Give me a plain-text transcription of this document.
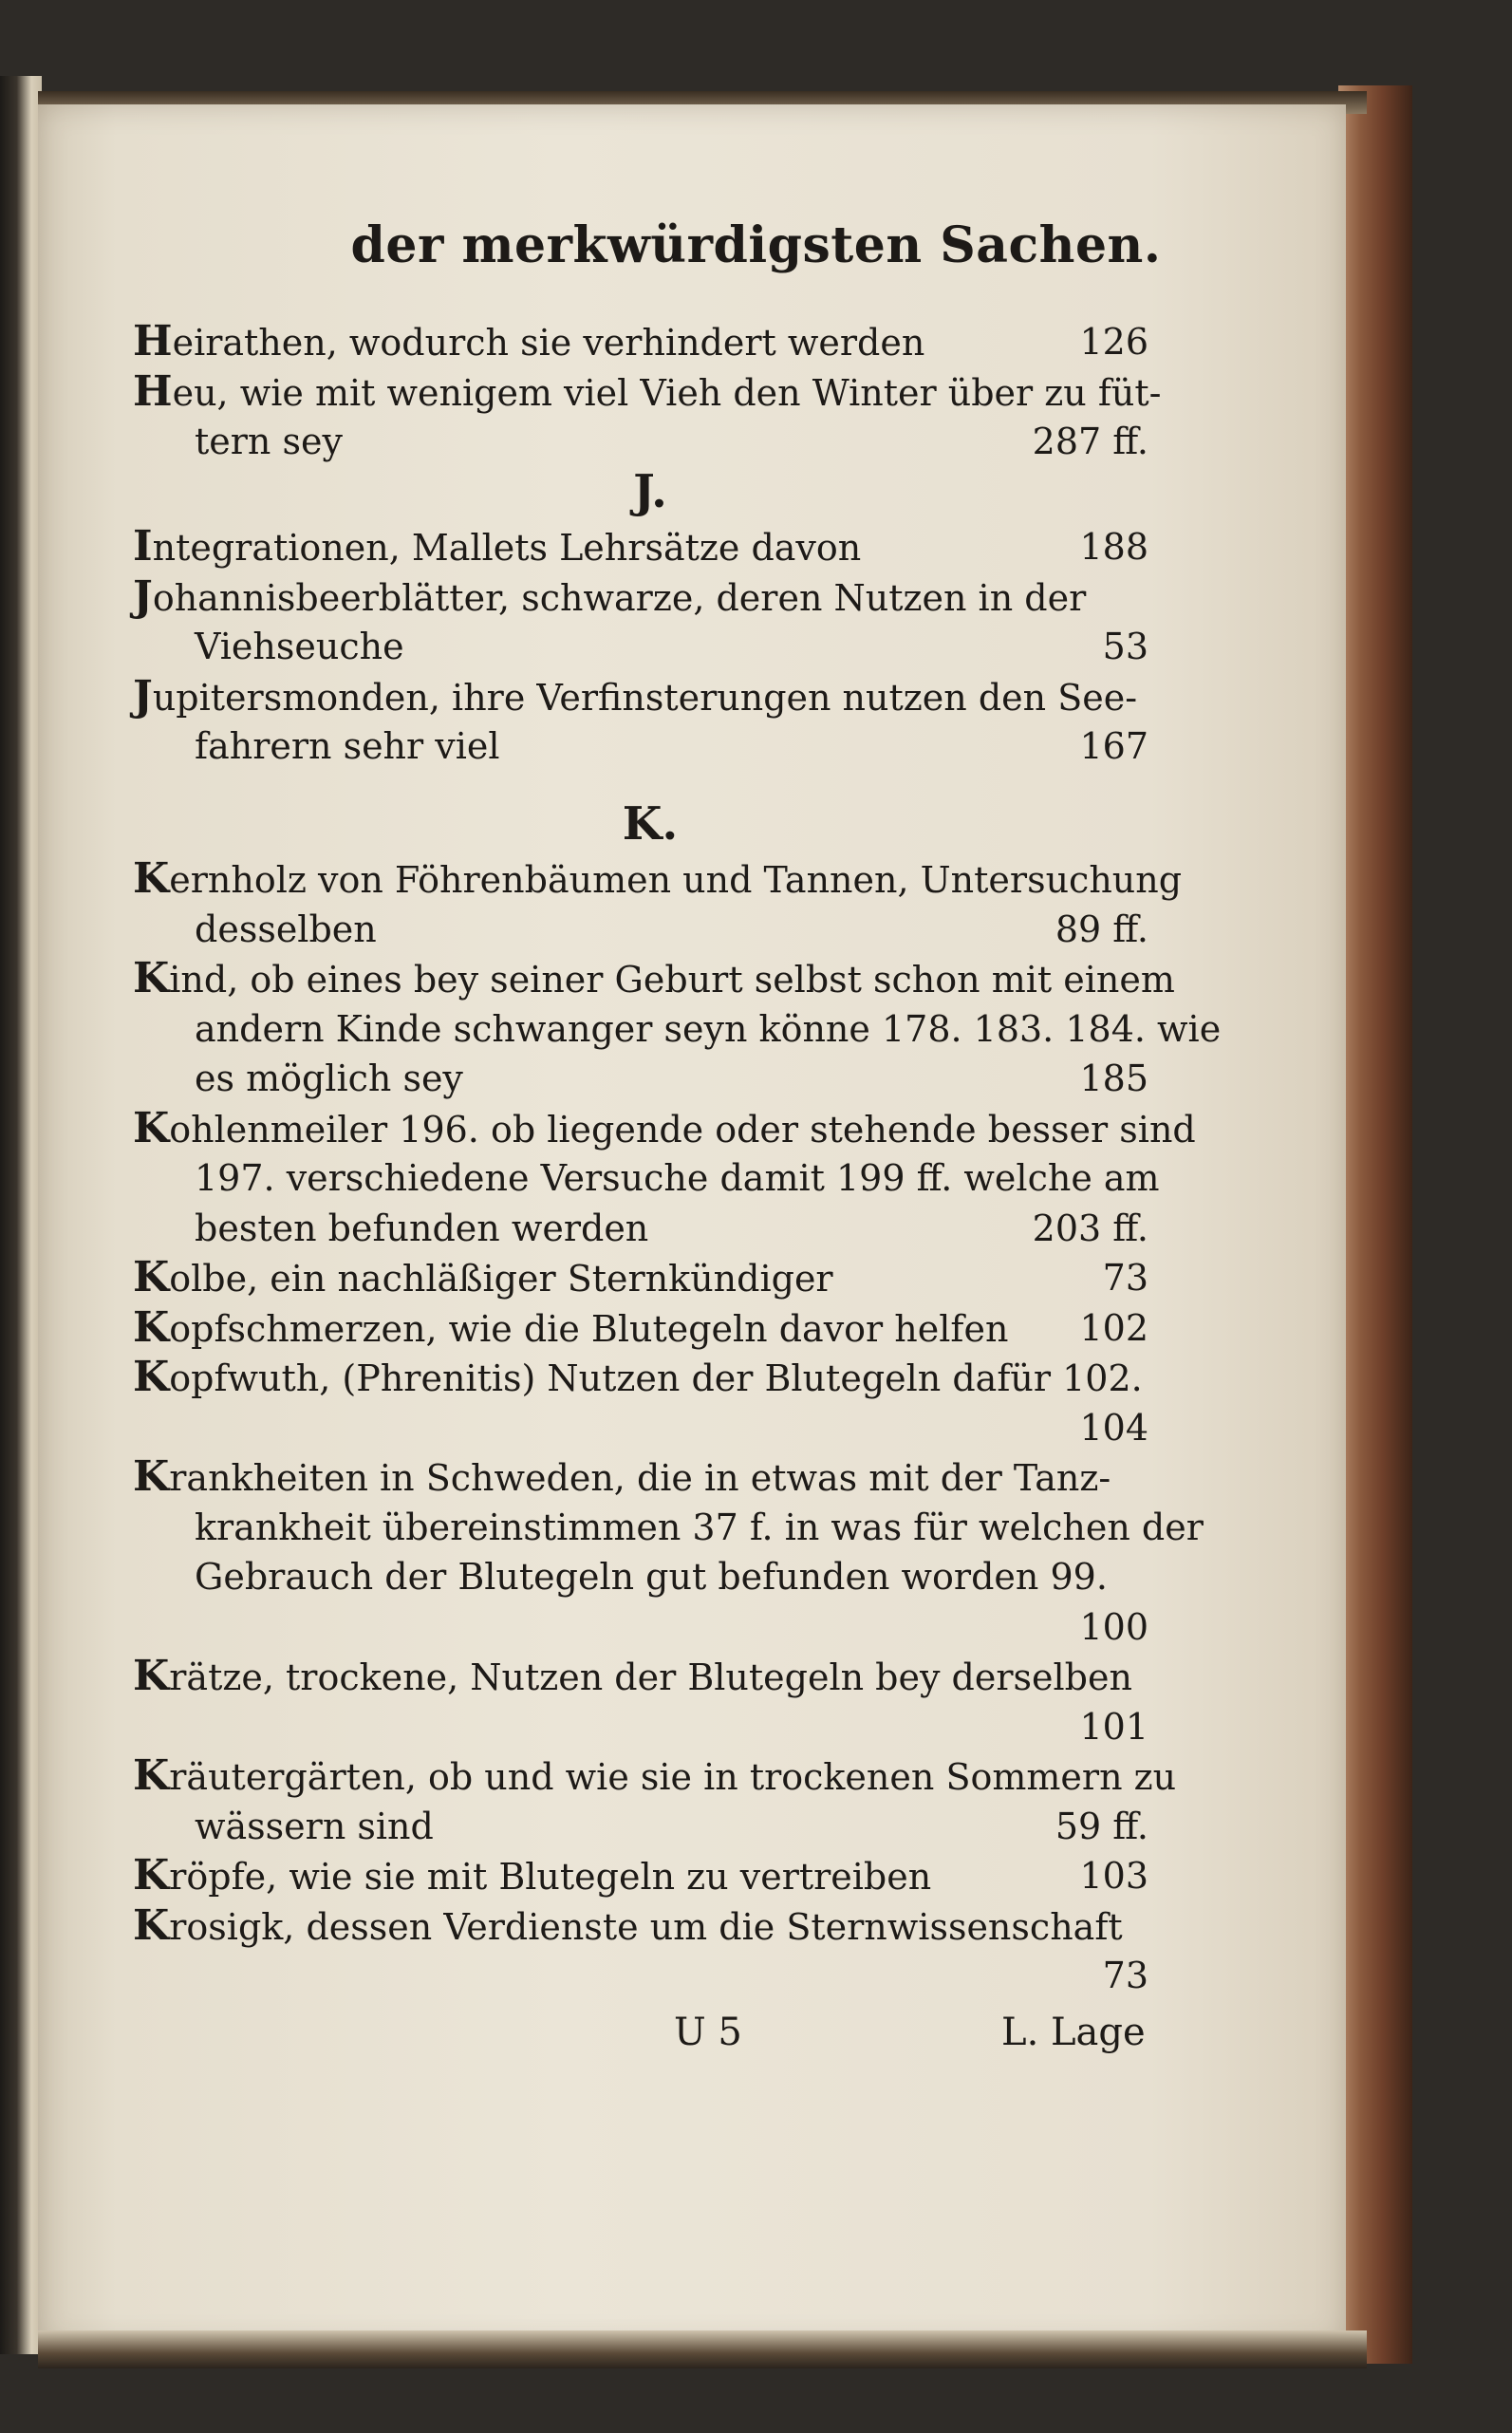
der merkwürdigsten Sachen.
Heirathen, wodurch sie verhindert werden	126
Heu, wie mit wenigem viel Vieh den Winter über zu füt-
tern sey	287 ff.
J.
Integrationen, Mallets Lehrsätze davon	188
Johannisbeerblätter, schwarze, deren Nutzen in der
Viehseuche	53
Jupitersmonden, ihre Verfinsterungen nutzen den See-
fahrern sehr viel	167
K.
Kernholz von Föhrenbäumen und Tannen, Untersuchung
desselben	89 ff.
Kind, ob eines bey seiner Geburt selbst schon mit einem
andern Kinde schwanger seyn könne 178. 183. 184. wie
es möglich sey	185
Kohlenmeiler 196. ob liegende oder stehende besser sind
197. verschiedene Versuche damit 199 ff. welche am
besten befunden werden	203 ff.
Kolbe, ein nachläßiger Sternkündiger	73
Kopfschmerzen, wie die Blutegeln davor helfen 102
Kopfwuth, (Phrenitis) Nutzen der Blutegeln dafür 102.
104
Krankheiten in Schweden, die in etwas mit der Tanz-
krankheit übereinstimmen 37 f. in was für welchen der
Gebrauch der Blutegeln gut befunden worden 99.
100
Krätze, trockene, Nutzen der Blutegeln bey derselben
101
Kräutergärten, ob und wie sie in trockenen Sommern zu
wässern sind	59 ff.
Kröpfe, wie sie mit Blutegeln zu vertreiben	103
Krosigk, dessen Verdienste um die Sternwissenschaft
73
U 5	L. Lage
